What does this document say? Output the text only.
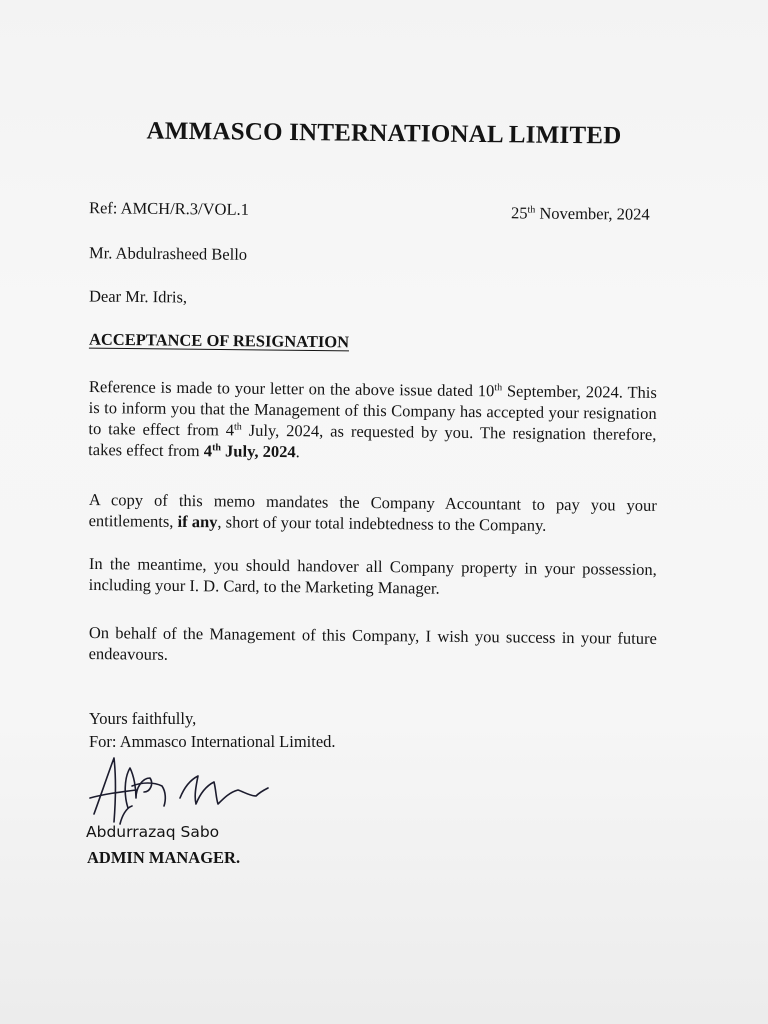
AMMASCO INTERNATIONAL LIMITED
Ref: AMCH/R.3/VOL.1	25th November, 2024
Mr. Abdulrasheed Bello
Dear Mr. Idris,
ACCEPTANCE OF RESIGNATION
Reference is made to your letter on the above issue dated 10th September, 2024. This is to inform you that the Management of this Company has accepted your resignation to take effect from 4th July, 2024, as requested by you. The resignation therefore, takes effect from 4th July, 2024.
A copy of this memo mandates the Company Accountant to pay you your entitlements, if any, short of your total indebtedness to the Company.
In the meantime, you should handover all Company property in your possession, including your I. D. Card, to the Marketing Manager.
On behalf of the Management of this Company, I wish you success in your future endeavours.
Yours faithfully,
For: Ammasco International Limited.
Abdurrazaq Sabo
ADMIN MANAGER.
